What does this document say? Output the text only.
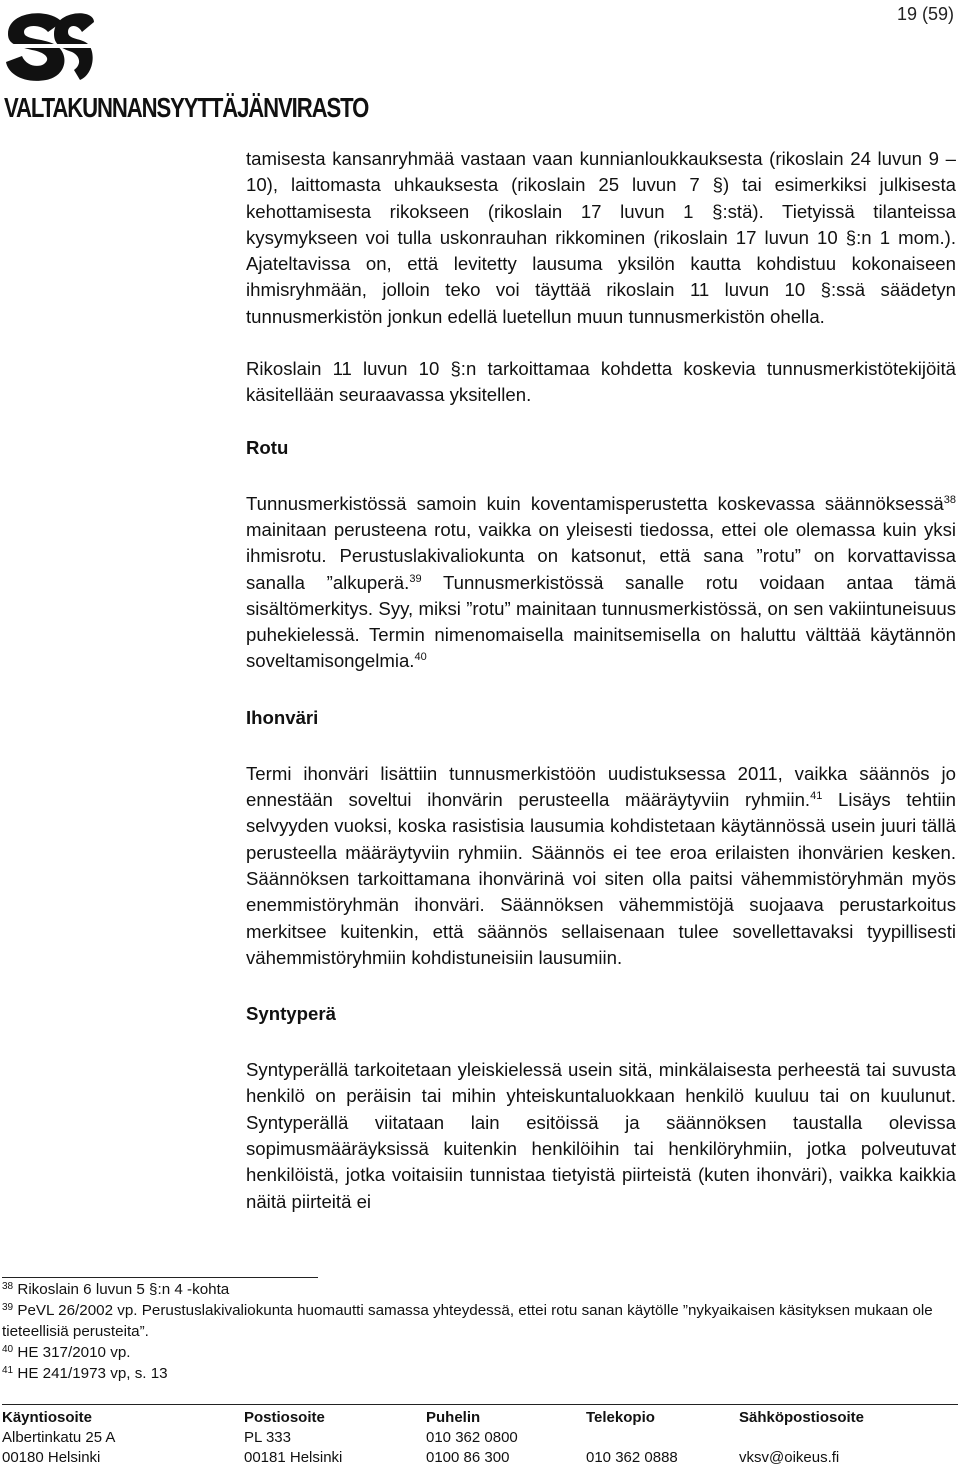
VALTAKUNNANSYYTTÄJÄNVIRASTO
19 (59)

tamisesta kansanryhmää vastaan vaan kunnianloukkauksesta (rikoslain 24 luvun 9 – 10), laittomasta uhkauksesta (rikoslain 25 luvun 7 §) tai esimerkiksi julkisesta kehottamisesta rikokseen (rikoslain 17 luvun 1 §:stä). Tietyissä tilanteissa kysymykseen voi tulla uskonrauhan rikkominen (rikoslain 17 luvun 10 §:n 1 mom.). Ajateltavissa on, että levitetty lausuma yksilön kautta kohdistuu kokonaiseen ihmisryhmään, jolloin teko voi täyttää rikoslain 11 luvun 10 §:ssä säädetyn tunnusmerkistön jonkun edellä luetellun muun tunnusmerkistön ohella.

Rikoslain 11 luvun 10 §:n tarkoittamaa kohdetta koskevia tunnusmerkistötekijöitä käsitellään seuraavassa yksitellen.

Rotu

Tunnusmerkistössä samoin kuin koventamisperustetta koskevassa säännöksessä$^{38}$ mainitaan perusteena rotu, vaikka on yleisesti tiedossa, ettei ole olemassa kuin yksi ihmisrotu. Perustuslakivaliokunta on katsonut, että sana ”rotu” on korvattavissa sanalla ”alkuperä.$^{39}$ Tunnusmerkistössä sanalle rotu voidaan antaa tämä sisältömerkitys. Syy, miksi ”rotu” mainitaan tunnusmerkistössä, on sen vakiintuneisuus puhekielessä. Termin nimenomaisella mainitsemisella on haluttu välttää käytännön soveltamisongelmia.$^{40}$

Ihonväri

Termi ihonväri lisättiin tunnusmerkistöön uudistuksessa 2011, vaikka säännös jo ennestään soveltui ihonvärin perusteella määräytyviin ryhmiin.$^{41}$ Lisäys tehtiin selvyyden vuoksi, koska rasistisia lausumia kohdistetaan käytännössä usein juuri tällä perusteella määräytyviin ryhmiin. Säännös ei tee eroa erilaisten ihonvärien kesken. Säännöksen tarkoittamana ihonvärinä voi siten olla paitsi vähemmistöryhmän myös enemmistöryhmän ihonväri. Säännöksen vähemmistöjä suojaava perustarkoitus merkitsee kuitenkin, että säännös sellaisenaan tulee sovellettavaksi tyypillisesti vähemmistöryhmiin kohdistuneisiin lausumiin.

Syntyperä

Syntyperällä tarkoitetaan yleiskielessä usein sitä, minkälaisesta perheestä tai suvusta henkilö on peräisin tai mihin yhteiskuntaluokkaan henkilö kuuluu tai on kuulunut. Syntyperällä viitataan lain esitöissä ja säännöksen taustalla olevissa sopimusmääräyksissä kuitenkin henkilöihin tai henkilöryhmiin, jotka polveutuvat henkilöistä, jotka voitaisiin tunnistaa tietyistä piirteistä (kuten ihonväri), vaikka kaikkia näitä piirteitä ei

$^{38}$ Rikoslain 6 luvun 5 §:n 4 -kohta
$^{39}$ PeVL 26/2002 vp. Perustuslakivaliokunta huomautti samassa yhteydessä, ettei rotu sanan käytölle ”nykyaikaisen käsityksen mukaan ole tieteellisiä perusteita”.
$^{40}$ HE 317/2010 vp.
$^{41}$ HE 241/1973 vp, s. 13
Käyntiosoite
Albertinkatu 25 A
00180 Helsinki
Postiosoite
PL 333
00181 Helsinki
Puhelin
010 362 0800
0100 86 300
Telekopio
010 362 0888
Sähköpostiosoite
vksv@oikeus.fi
